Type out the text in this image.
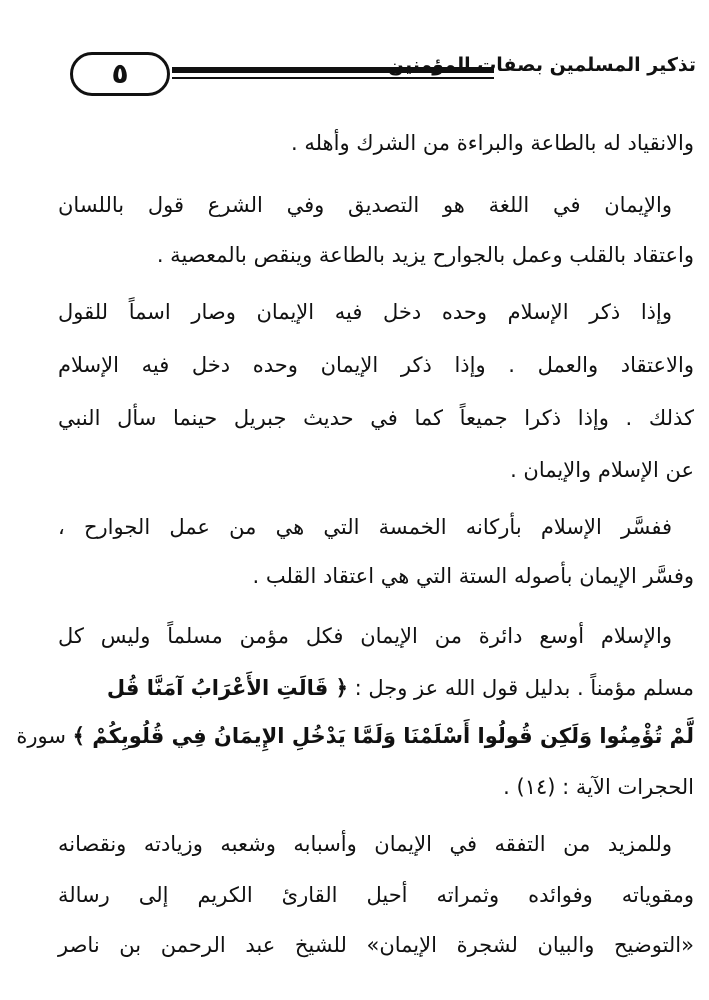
٥	تذكير المسلمين بصفات المؤمنين
والانقياد له بالطاعة والبراءة من الشرك وأهله .
والإيمان في اللغة هو التصديق وفي الشرع قول باللسان
واعتقاد بالقلب وعمل بالجوارح يزيد بالطاعة وينقص بالمعصية .
وإذا ذكر الإسلام وحده دخل فيه الإيمان وصار اسماً للقول
والاعتقاد والعمل . وإذا ذكر الإيمان وحده دخل فيه الإسلام
كذلك . وإذا ذكرا جميعاً كما في حديث جبريل حينما سأل النبي
عن الإسلام والإيمان .
ففسَّر الإسلام بأركانه الخمسة التي هي من عمل الجوارح ،
وفسَّر الإيمان بأصوله الستة التي هي اعتقاد القلب .
والإسلام أوسع دائرة من الإيمان فكل مؤمن مسلماً وليس كل
مسلم مؤمناً . بدليل قول الله عز وجل : ﴿ قَالَتِ الأَعْرَابُ آمَنَّا قُل
لَّمْ تُؤْمِنُوا وَلَكِن قُولُوا أَسْلَمْنَا وَلَمَّا يَدْخُلِ الإِيمَانُ فِي قُلُوبِكُمْ ﴾ سورة
الحجرات الآية : (١٤) .
وللمزيد من التفقه في الإيمان وأسبابه وشعبه وزيادته ونقصانه
ومقوياته وفوائده وثمراته أحيل القارئ الكريم إلى رسالة
«التوضيح والبيان لشجرة الإيمان» للشيخ عبد الرحمن بن ناصر
